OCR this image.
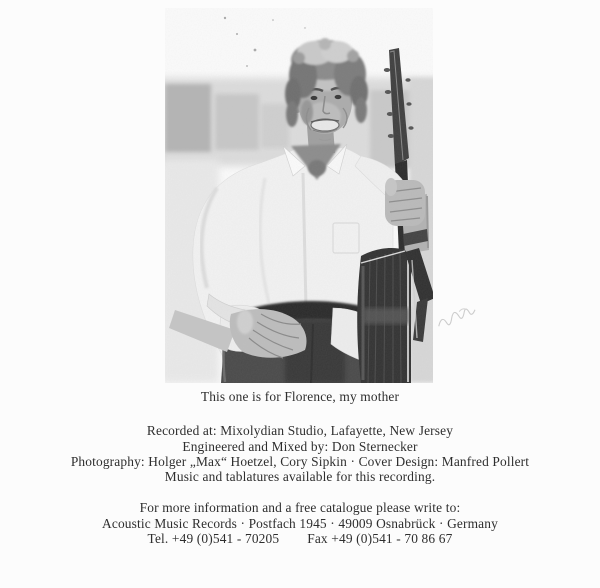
This one is for Florence, my mother

Recorded at: Mixolydian Studio, Lafayette, New Jersey

Engineered and Mixed by: Don Sternecker

Photography: Holger „Max“ Hoetzel, Cory Sipkin · Cover Design: Manfred Pollert

Music and tablatures available for this recording.

For more information and a free catalogue please write to:

Acoustic Music Records · Postfach 1945 · 49009 Osnabrück · Germany

Tel. +49 (0)541 - 70205 Fax +49 (0)541 - 70 86 67
